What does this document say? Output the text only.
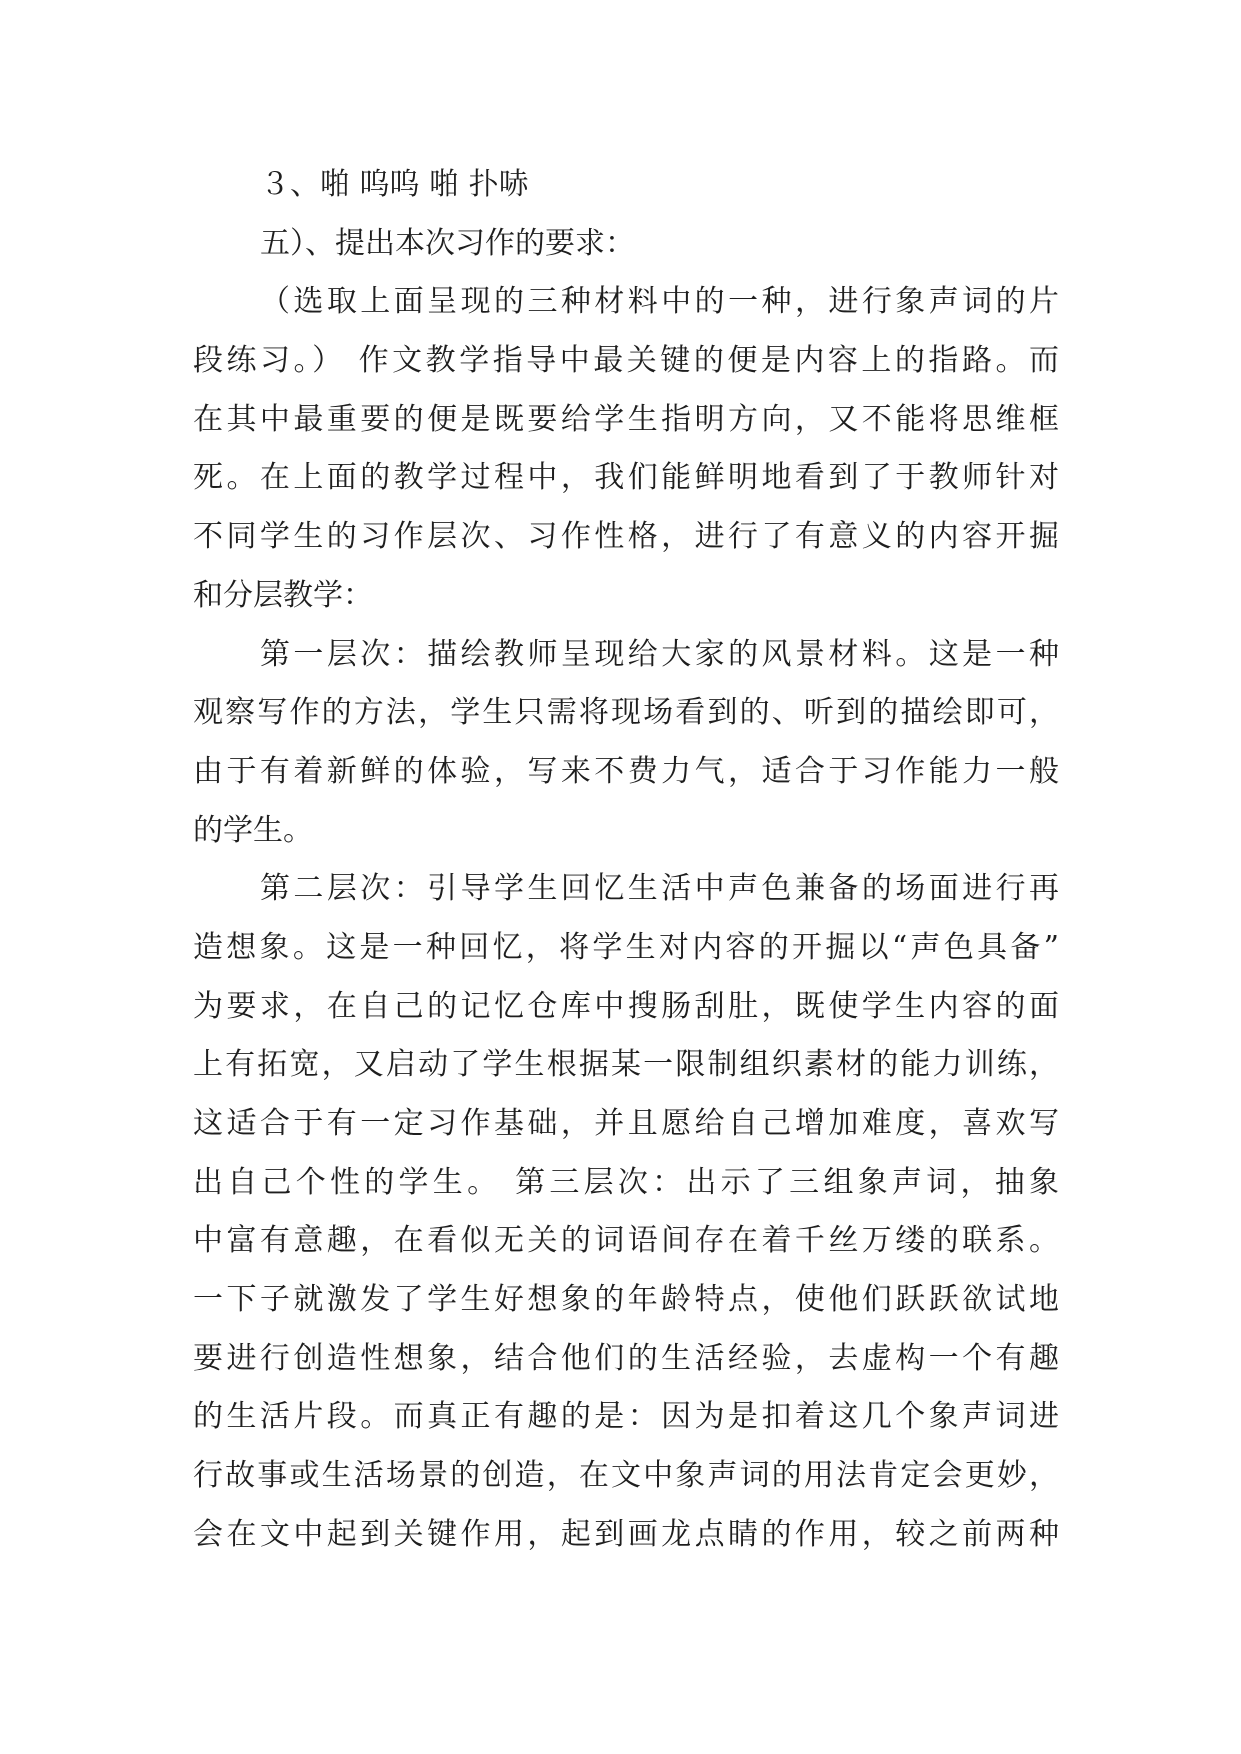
３、啪 呜呜 啪 扑哧
五）、提出本次习作的要求：
（选取上面呈现的三种材料中的一种，进行象声词的片
段练习。） 作文教学指导中最关键的便是内容上的指路。而
在其中最重要的便是既要给学生指明方向，又不能将思维框
死。在上面的教学过程中，我们能鲜明地看到了于教师针对
不同学生的习作层次、习作性格，进行了有意义的内容开掘
和分层教学：
第一层次：描绘教师呈现给大家的风景材料。这是一种
观察写作的方法，学生只需将现场看到的、听到的描绘即可，
由于有着新鲜的体验，写来不费力气，适合于习作能力一般
的学生。
第二层次：引导学生回忆生活中声色兼备的场面进行再
造想象。这是一种回忆，将学生对内容的开掘以“声色具备”
为要求，在自己的记忆仓库中搜肠刮肚，既使学生内容的面
上有拓宽，又启动了学生根据某一限制组织素材的能力训练，
这适合于有一定习作基础，并且愿给自己增加难度，喜欢写
出自己个性的学生。 第三层次：出示了三组象声词，抽象
中富有意趣，在看似无关的词语间存在着千丝万缕的联系。
一下子就激发了学生好想象的年龄特点，使他们跃跃欲试地
要进行创造性想象，结合他们的生活经验，去虚构一个有趣
的生活片段。而真正有趣的是：因为是扣着这几个象声词进
行故事或生活场景的创造，在文中象声词的用法肯定会更妙，
会在文中起到关键作用，起到画龙点睛的作用，较之前两种
